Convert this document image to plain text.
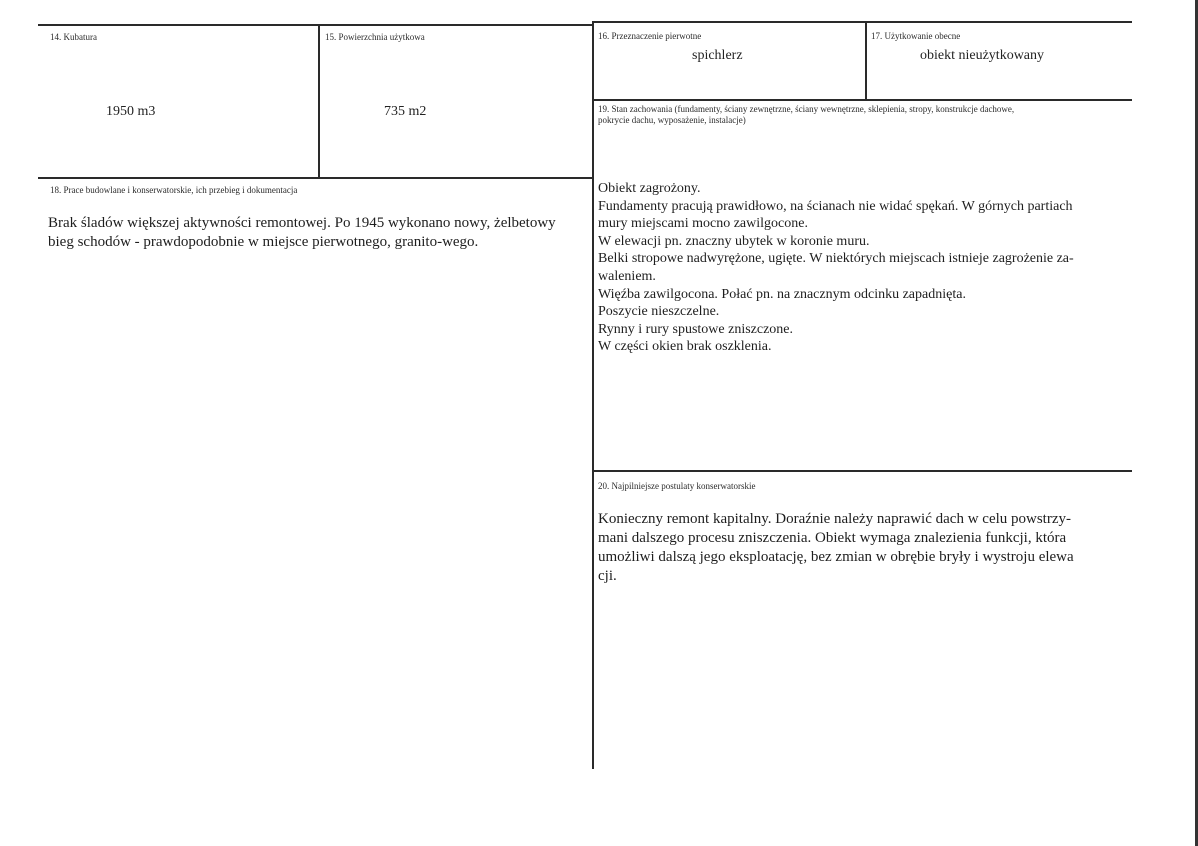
14. Kubatura
1950 m3
15. Powierzchnia użytkowa
735 m2
16. Przeznaczenie pierwotne
spichlerz
17. Użytkowanie obecne
obiekt nieużytkowany
18. Prace budowlane i konserwatorskie, ich przebieg i dokumentacja
Brak śladów większej aktywności remontowej. Po 1945 wykonano nowy, żelbetowy bieg schodów - prawdopodobnie w miejsce pierwotnego, granito-wego.
19. Stan zachowania (fundamenty, ściany zewnętrzne, ściany wewnętrzne, sklepienia, stropy, konstrukcje dachowe, pokrycie dachu, wyposażenie, instalacje)
Obiekt zagrożony.
Fundamenty pracują prawidłowo, na ścianach nie widać spękań. W górnych partiach
mury miejscami mocno zawilgocone.
W elewacji pn. znaczny ubytek w koronie muru.
Belki stropowe nadwyrężone, ugięte. W niektórych miejscach istnieje zagrożenie za-
waleniem.
Więźba zawilgocona. Połać pn. na znacznym odcinku zapadnięta.
Poszycie nieszczelne.
Rynny i rury spustowe zniszczone.
W części okien brak oszklenia.
20. Najpilniejsze postulaty konserwatorskie
Konieczny remont kapitalny. Doraźnie należy naprawić dach w celu powstrzy-
mani dalszego procesu zniszczenia. Obiekt wymaga znalezienia funkcji, która
umożliwi dalszą jego eksploatację, bez zmian w obrębie bryły i wystroju elewa
cji.
